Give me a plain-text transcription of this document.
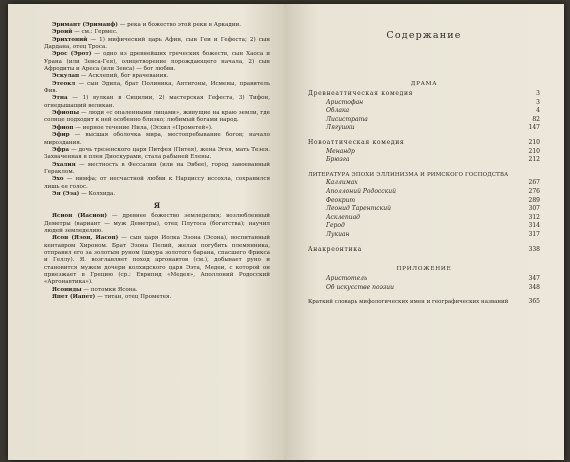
Эримант (Эриманф) — река и божество этой реки в Аркадии.

Эроий — см.: Гермес.

Эрихтоний — 1) мифический царь Афин, сын Геи и Гефеста; 2) сын Дардана, отец Троса.

Эрос (Эрот) — одно из древнейших греческих божеств, сын Хаоса и Урана (или Зевса-Гея), олицетворение порождающего начала, 2) сын Афродиты и Ареса (или Зевса) — бог любви.

Эскулап — Асклепий, бог врачевания.

Этеокл — сын Эдипа, брат Полиника, Антигоны, Исмены, правитель Фив.

Этна — 1) вулкан в Сицилии, 2) мастерская Гефеста, 3) Тифон, огнедышащий великан.

Эфиопы — люди «с опаленными лицами», живущие на краю земли, где солнце подходит к ней особенно близко; любимый богами народ.

Эфиоп — иерное течение Нила, (Эсхил «Прометей»).

Эфир — высшая оболочка мира, местопребывание богов; начало мироздания.

Эфра — дочь трезенского царя Питфея (Питея), жена Эгея, мать Тезея. Захваченная в плен Диоскурами, стала рабыней Елены.

Эхалия — местность в Фессалии (или на Эвбее), город завоеванный Гераклом.

Эхо — нимфа; от несчастной любви к Нарциссу иссохла, сохранился лишь ее голос.

Эя (Ээа) — Колхида.

Я

Ясион (Иасион) — древнее божество земледелия; возлюбленный Деметры (вариант — муж Деметры), отец Плутоса (богатства); научил людей земледелию.

Ясон (Язон, Иасон) — сын царя Иолка Эзона (Эсона), воспитанный кентавром Хироном. Брат Эзона Пелий, желая погубить племянника, отправил его за золотым руном (шкура золотого барана, спасшего Фрикса и Геллу). Я. возглавляет поход аргонавтов (см.), добывает руно и становится мужем дочери колхидского царя Ээта, Медеи, с которой он приезжает в Грецию (ср.: Еврипид «Медея», Аполлоний Родосский «Аргонавтика»).

Ясониды — потомки Ясона.

Япет (Иапет) — титан, отец Прометея.

Содержание
ДРАМА
Древнеаттическая комедия	3
Аристофан	3
Облака	4
Лисистрата	82
Лягушки	147
Новоаттическая комедия	210
Менандр	210
Брюзга	212
ЛИТЕРАТУРА ЭПОХИ ЭЛЛИНИЗМА И РИМСКОГО ГОСПОДСТВА
Каллимах	267
Аполлоний Родосский	276
Феокрит	289
Леонид Тарентский	307
Асклепиад	312
Герод	314
Лукиан	317
Анакреонтика	338
ПРИЛОЖЕНИЕ
Аристотель	347
Об искусстве поэзии	348
Краткий словарь мифологических имен и географических названий	365
